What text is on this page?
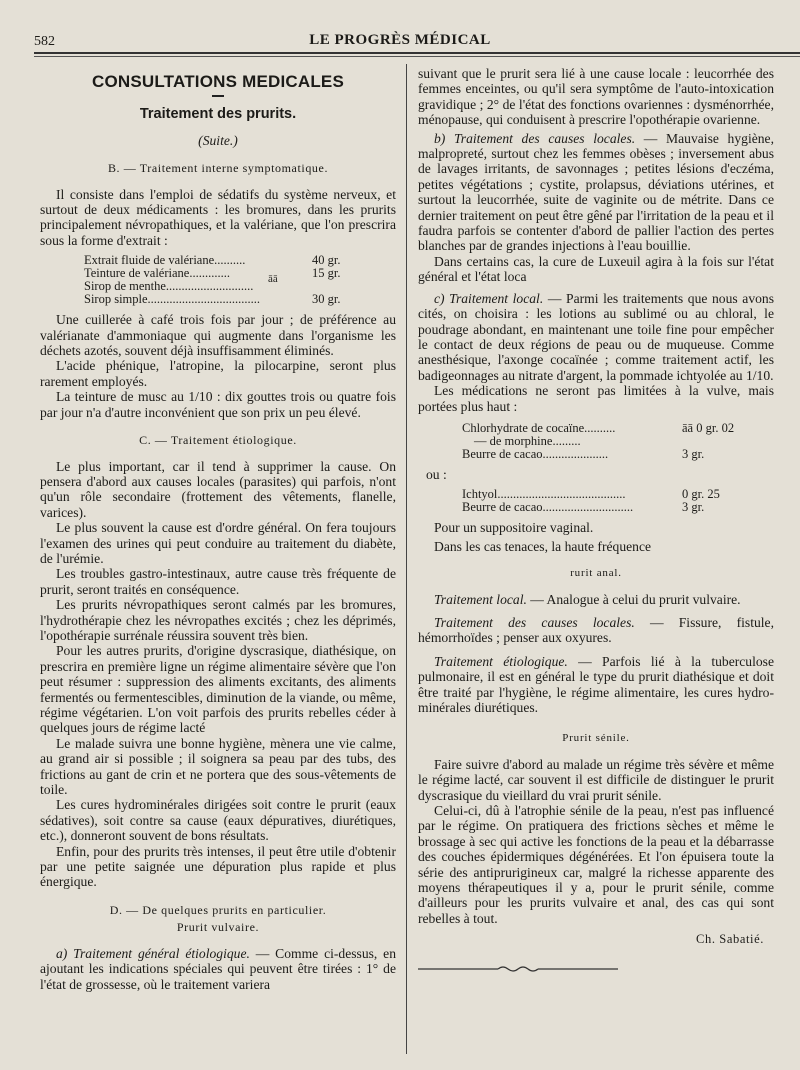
582	LE PROGRÈS MÉDICAL

CONSULTATIONS MEDICALES

Traitement des prurits.

(Suite.)

B. — Traitement interne symptomatique.

Il consiste dans l'emploi de sédatifs du système nerveux, et surtout de deux médicaments : les bromures, dans les prurits principalement névropathiques, et la valériane, que l'on prescrira sous la forme d'extrait :

Extrait fluide de valériane..........	40 gr.
Teinture de valériane.............	āā	15 gr.
Sirop de menthe............................
Sirop simple....................................	30 gr.

Une cuillerée à café trois fois par jour ; de préférence au valérianate d'ammoniaque qui augmente dans l'organisme les déchets azotés, souvent déjà insuffisamment éliminés.

L'acide phénique, l'atropine, la pilocarpine, seront plus rarement employés.

La teinture de musc au 1/10 : dix gouttes trois ou quatre fois par jour n'a d'autre inconvénient que son prix un peu élevé.

C. — Traitement étiologique.

Le plus important, car il tend à supprimer la cause. On pensera d'abord aux causes locales (parasites) qui parfois, n'ont qu'un rôle secondaire (frottement des vêtements, flanelle, varices).

Le plus souvent la cause est d'ordre général. On fera toujours l'examen des urines qui peut conduire au traitement du diabète, de l'urémie.

Les troubles gastro-intestinaux, autre cause très fréquente de prurit, seront traités en conséquence.

Les prurits névropathiques seront calmés par les bromures, l'hydrothérapie chez les névropathes excités ; chez les déprimés, l'opothérapie surrénale réussira souvent très bien.

Pour les autres prurits, d'origine dyscrasique, diathésique, on prescrira en première ligne un régime alimentaire sévère que l'on peut résumer : suppression des aliments excitants, des aliments fermentés ou fermentescibles, diminution de la viande, ou même, régime végétarien. L'on voit parfois des prurits rebelles céder à quelques jours de régime lacté

Le malade suivra une bonne hygiène, mènera une vie calme, au grand air si possible ; il soignera sa peau par des tubs, des frictions au gant de crin et ne portera que des sous-vêtements de toile.

Les cures hydrominérales dirigées soit contre le prurit (eaux sédatives), soit contre sa cause (eaux dépuratives, diurétiques, etc.), donneront souvent de bons résultats.

Enfin, pour des prurits très intenses, il peut être utile d'obtenir par une petite saignée une dépuration plus rapide et plus énergique.

D. — De quelques prurits en particulier.

Prurit vulvaire.

a) Traitement général étiologique. — Comme ci-dessus, en ajoutant les indications spéciales qui peuvent être tirées : 1° de l'état de grossesse, où le traitement variera

suivant que le prurit sera lié à une cause locale : leucorrhée des femmes enceintes, ou qu'il sera symptôme de l'auto-intoxication gravidique ; 2° de l'état des fonctions ovariennes : dysménorrhée, ménopause, qui conduisent à prescrire l'opothérapie ovarienne.

b) Traitement des causes locales. — Mauvaise hygiène, malpropreté, surtout chez les femmes obèses ; inversement abus de lavages irritants, de savonnages ; petites lésions d'eczéma, petites végétations ; cystite, prolapsus, déviations utérines, et surtout la leucorrhée, suite de vaginite ou de métrite. Dans ce dernier traitement on peut être gêné par l'irritation de la peau et il faudra parfois se contenter d'abord de pallier l'action des pertes blanches par de grandes injections à l'eau bouillie.

Dans certains cas, la cure de Luxeuil agira à la fois sur l'état général et l'état loca

c) Traitement local. — Parmi les traitements que nous avons cités, on choisira : les lotions au sublimé ou au chloral, le poudrage abondant, en maintenant une toile fine pour empêcher le contact de deux régions de peau ou de muqueuse. Comme anesthésique, l'axonge cocaïnée ; comme traitement actif, les badigeonnages au nitrate d'argent, la pommade ichtyolée au 1/10.

Les médications ne seront pas limitées à la vulve, mais portées plus haut :

Chlorhydrate de cocaïne..........	āā 0 gr. 02
— de morphine.........
Beurre de cacao.....................	3 gr.

ou :

Ichtyol.........................................	0 gr. 25
Beurre de cacao.............................	3 gr.

Pour un suppositoire vaginal.

Dans les cas tenaces, la haute fréquence

rurit anal.

Traitement local. — Analogue à celui du prurit vulvaire.

Traitement des causes locales. — Fissure, fistule, hémorrhoïdes ; penser aux oxyures.

Traitement étiologique. — Parfois lié à la tuberculose pulmonaire, il est en général le type du prurit diathésique et doit être traité par l'hygiène, le régime alimentaire, les cures hydro-minérales diurétiques.

Prurit sénile.

Faire suivre d'abord au malade un régime très sévère et même le régime lacté, car souvent il est difficile de distinguer le prurit dyscrasique du vieillard du vrai prurit sénile.

Celui-ci, dû à l'atrophie sénile de la peau, n'est pas influencé par le régime. On pratiquera des frictions sèches et même le brossage à sec qui active les fonctions de la peau et la débarrasse des couches épidermiques dégénérées. Et l'on épuisera toute la série des antiprurigineux car, malgré la richesse apparente des moyens thérapeutiques il y a, pour le prurit sénile, comme d'ailleurs pour les prurits vulvaire et anal, des cas qui sont rebelles à tout.

Ch. Sabatié.
